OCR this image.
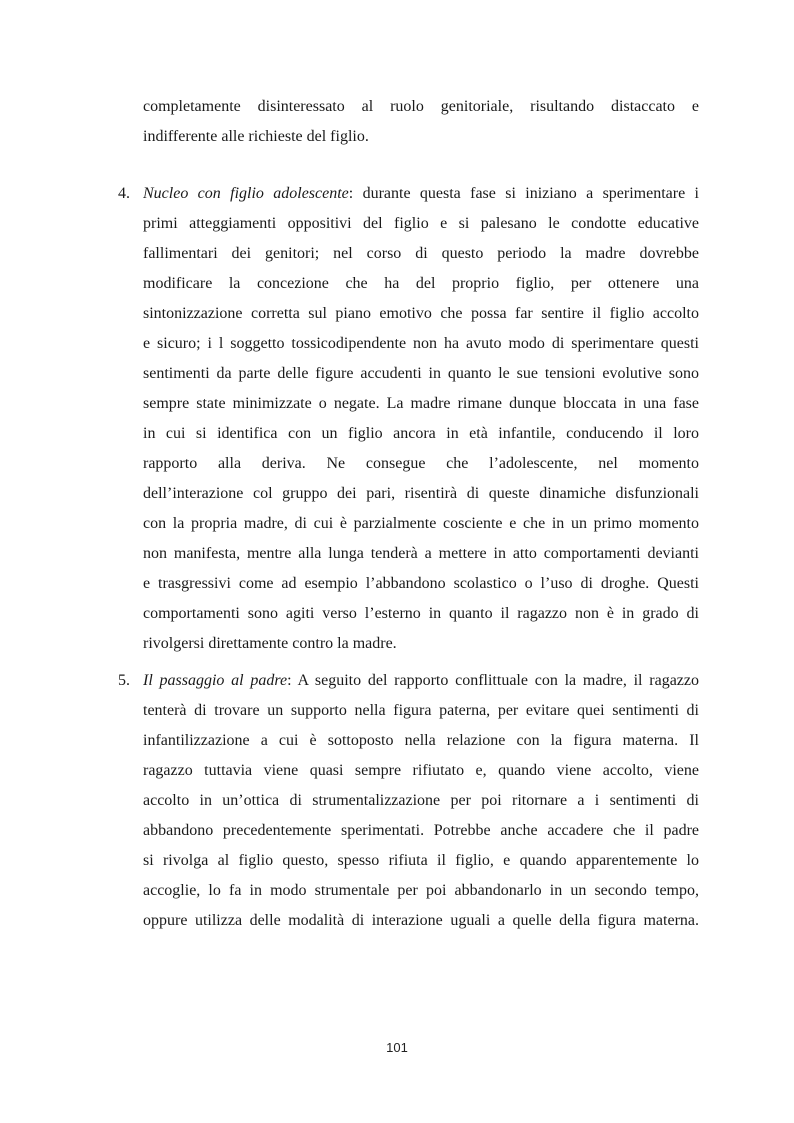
completamente disinteressato al ruolo genitoriale, risultando distaccato e
indifferente alle richieste del figlio.
4. Nucleo con figlio adolescente: durante questa fase si iniziano a sperimentare i
primi atteggiamenti oppositivi del figlio e si palesano le condotte educative
fallimentari dei genitori; nel corso di questo periodo la madre dovrebbe
modificare la concezione che ha del proprio figlio, per ottenere una
sintonizzazione corretta sul piano emotivo che possa far sentire il figlio accolto
e sicuro; i l soggetto tossicodipendente non ha avuto modo di sperimentare questi
sentimenti da parte delle figure accudenti in quanto le sue tensioni evolutive sono
sempre state minimizzate o negate. La madre rimane dunque bloccata in una fase
in cui si identifica con un figlio ancora in età infantile, conducendo il loro
rapporto alla deriva. Ne consegue che l’adolescente, nel momento
dell’interazione col gruppo dei pari, risentirà di queste dinamiche disfunzionali
con la propria madre, di cui è parzialmente cosciente e che in un primo momento
non manifesta, mentre alla lunga tenderà a mettere in atto comportamenti devianti
e trasgressivi come ad esempio l’abbandono scolastico o l’uso di droghe. Questi
comportamenti sono agiti verso l’esterno in quanto il ragazzo non è in grado di
rivolgersi direttamente contro la madre.
5. Il passaggio al padre: A seguito del rapporto conflittuale con la madre, il ragazzo
tenterà di trovare un supporto nella figura paterna, per evitare quei sentimenti di
infantilizzazione a cui è sottoposto nella relazione con la figura materna. Il
ragazzo tuttavia viene quasi sempre rifiutato e, quando viene accolto, viene
accolto in un’ottica di strumentalizzazione per poi ritornare a i sentimenti di
abbandono precedentemente sperimentati. Potrebbe anche accadere che il padre
si rivolga al figlio questo, spesso rifiuta il figlio, e quando apparentemente lo
accoglie, lo fa in modo strumentale per poi abbandonarlo in un secondo tempo,
oppure utilizza delle modalità di interazione uguali a quelle della figura materna.
101
